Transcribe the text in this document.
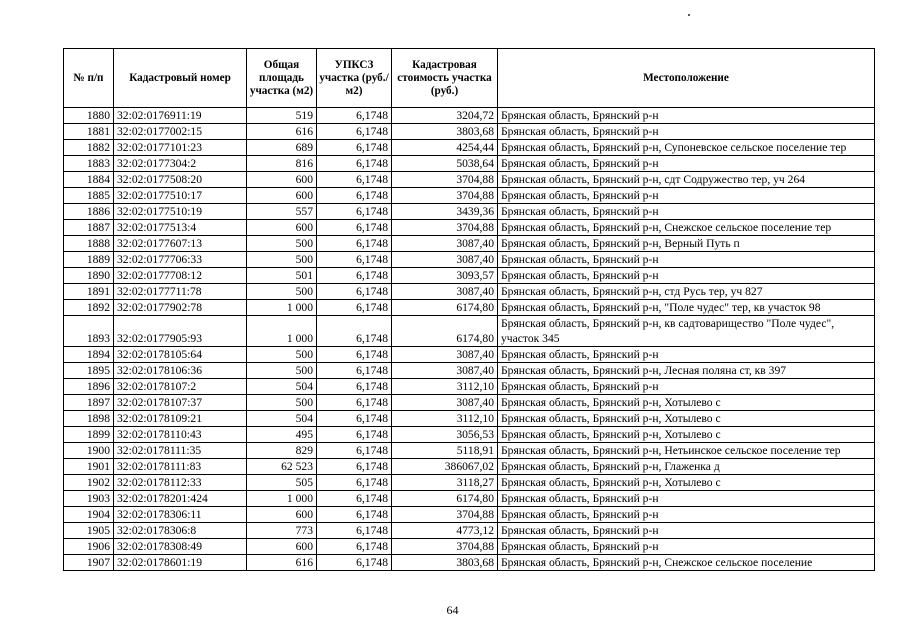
№ п/п	Кадастровый номер	Общая площадь участка (м2)	УПКСЗ участка (руб./м2)	Кадастровая стоимость участка (руб.)	Местоположение
1880	32:02:0176911:19	519	6,1748	3204,72	Брянская область, Брянский р-н
1881	32:02:0177002:15	616	6,1748	3803,68	Брянская область, Брянский р-н
1882	32:02:0177101:23	689	6,1748	4254,44	Брянская область, Брянский р-н, Супоневское сельское поселение тер
1883	32:02:0177304:2	816	6,1748	5038,64	Брянская область, Брянский р-н
1884	32:02:0177508:20	600	6,1748	3704,88	Брянская область, Брянский р-н, сдт Содружество тер, уч 264
1885	32:02:0177510:17	600	6,1748	3704,88	Брянская область, Брянский р-н
1886	32:02:0177510:19	557	6,1748	3439,36	Брянская область, Брянский р-н
1887	32:02:0177513:4	600	6,1748	3704,88	Брянская область, Брянский р-н, Снежское сельское поселение тер
1888	32:02:0177607:13	500	6,1748	3087,40	Брянская область, Брянский р-н, Верный Путь п
1889	32:02:0177706:33	500	6,1748	3087,40	Брянская область, Брянский р-н
1890	32:02:0177708:12	501	6,1748	3093,57	Брянская область, Брянский р-н
1891	32:02:0177711:78	500	6,1748	3087,40	Брянская область, Брянский р-н, стд Русь тер, уч 827
1892	32:02:0177902:78	1 000	6,1748	6174,80	Брянская область, Брянский р-н, "Поле чудес" тер, кв участок 98
1893	32:02:0177905:93	1 000	6,1748	6174,80	Брянская область, Брянский р-н, кв садтоварищество "Поле чудес", участок 345
1894	32:02:0178105:64	500	6,1748	3087,40	Брянская область, Брянский р-н
1895	32:02:0178106:36	500	6,1748	3087,40	Брянская область, Брянский р-н, Лесная поляна ст, кв 397
1896	32:02:0178107:2	504	6,1748	3112,10	Брянская область, Брянский р-н
1897	32:02:0178107:37	500	6,1748	3087,40	Брянская область, Брянский р-н, Хотылево с
1898	32:02:0178109:21	504	6,1748	3112,10	Брянская область, Брянский р-н, Хотылево с
1899	32:02:0178110:43	495	6,1748	3056,53	Брянская область, Брянский р-н, Хотылево с
1900	32:02:0178111:35	829	6,1748	5118,91	Брянская область, Брянский р-н, Нетьинское сельское поселение тер
1901	32:02:0178111:83	62 523	6,1748	386067,02	Брянская область, Брянский р-н, Глаженка д
1902	32:02:0178112:33	505	6,1748	3118,27	Брянская область, Брянский р-н, Хотылево с
1903	32:02:0178201:424	1 000	6,1748	6174,80	Брянская область, Брянский р-н
1904	32:02:0178306:11	600	6,1748	3704,88	Брянская область, Брянский р-н
1905	32:02:0178306:8	773	6,1748	4773,12	Брянская область, Брянский р-н
1906	32:02:0178308:49	600	6,1748	3704,88	Брянская область, Брянский р-н
1907	32:02:0178601:19	616	6,1748	3803,68	Брянская область, Брянский р-н, Снежское сельское поселение
64
